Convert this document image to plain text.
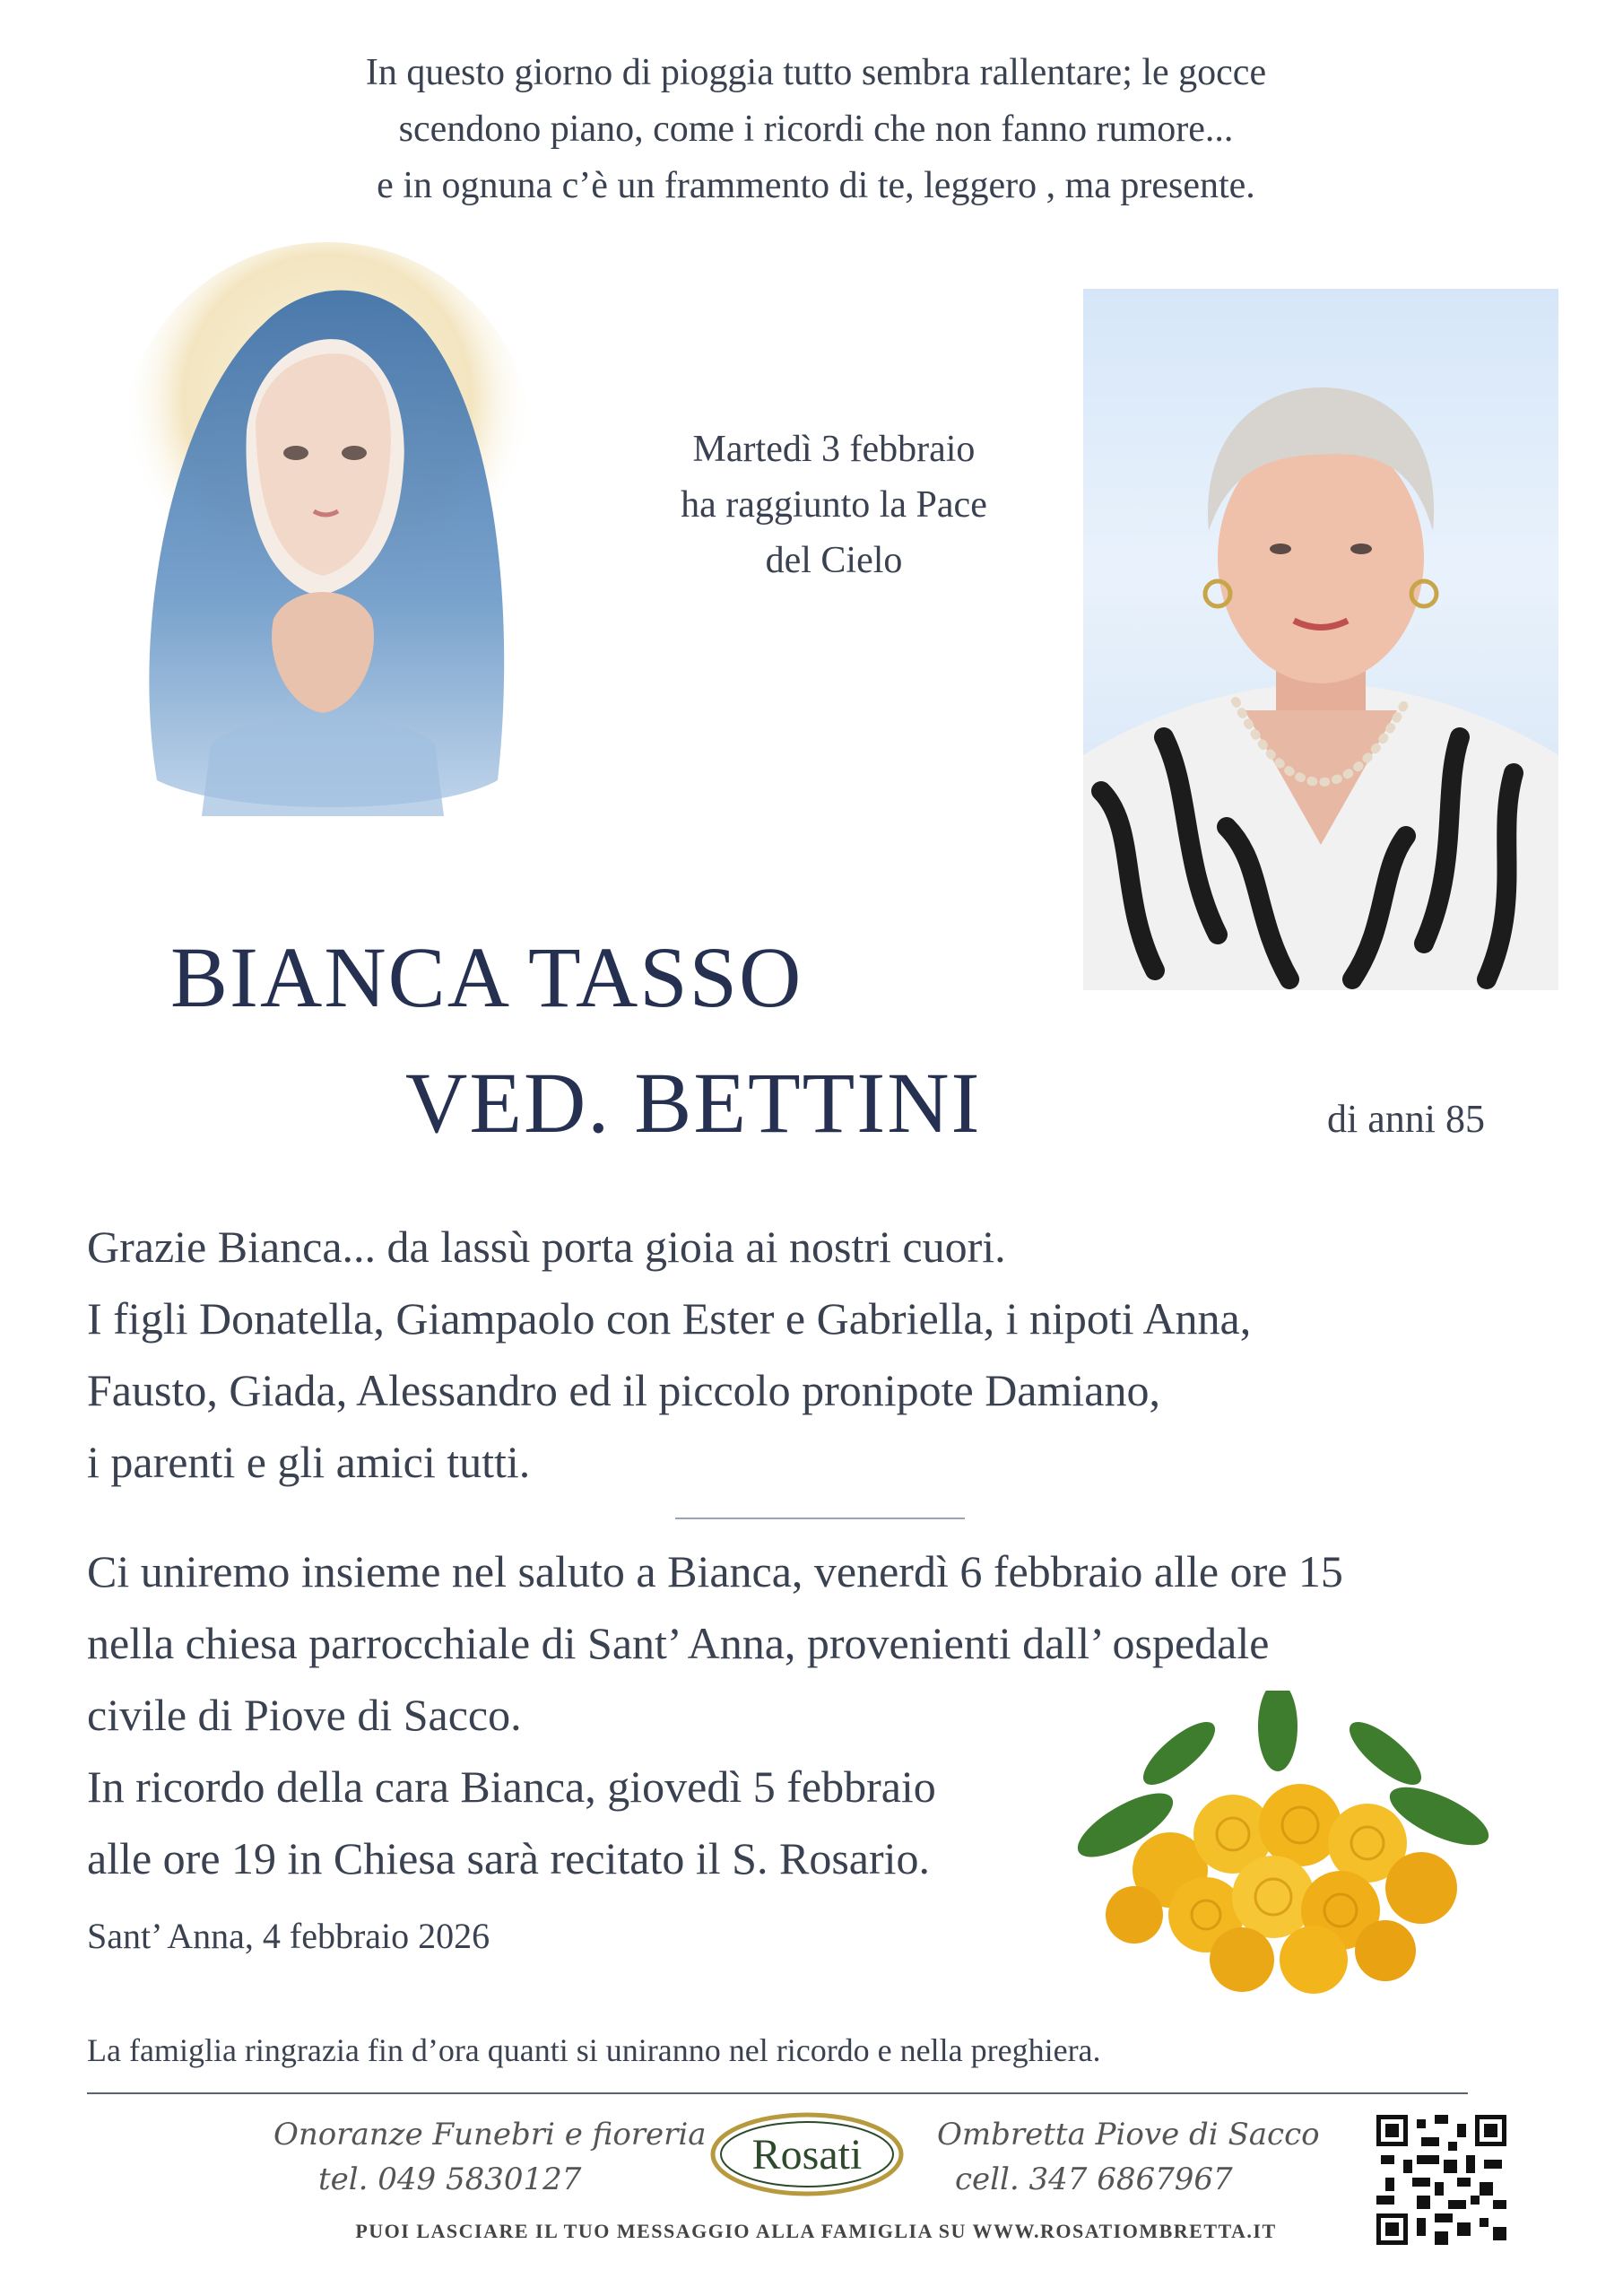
In questo giorno di pioggia tutto sembra rallentare; le gocce
scendono piano, come i ricordi che non fanno rumore...
e in ognuna c’è un frammento di te, leggero , ma presente.
Martedì 3 febbraio
ha raggiunto la Pace
del Cielo
BIANCA TASSO
VED. BETTINI	di anni 85
Grazie Bianca... da lassù porta gioia ai nostri cuori.
I figli Donatella, Giampaolo con Ester e Gabriella, i nipoti Anna,
Fausto, Giada, Alessandro ed il piccolo pronipote Damiano,
i parenti e gli amici tutti.
Ci uniremo insieme nel saluto a Bianca, venerdì 6 febbraio alle ore 15
nella chiesa parrocchiale di Sant’ Anna, provenienti dall’ ospedale
civile di Piove di Sacco.
In ricordo della cara Bianca, giovedì 5 febbraio
alle ore 19 in Chiesa sarà recitato il S. Rosario.
Sant’ Anna, 4 febbraio 2026
La famiglia ringrazia fin d’ora quanti si uniranno nel ricordo e nella preghiera.
Onoranze Funebri e fioreria
tel. 049 5830127
Rosati Ombretta Piove di Sacco
cell. 347 6867967
PUOI LASCIARE IL TUO MESSAGGIO ALLA FAMIGLIA SU WWW.ROSATIOMBRETTA.IT
